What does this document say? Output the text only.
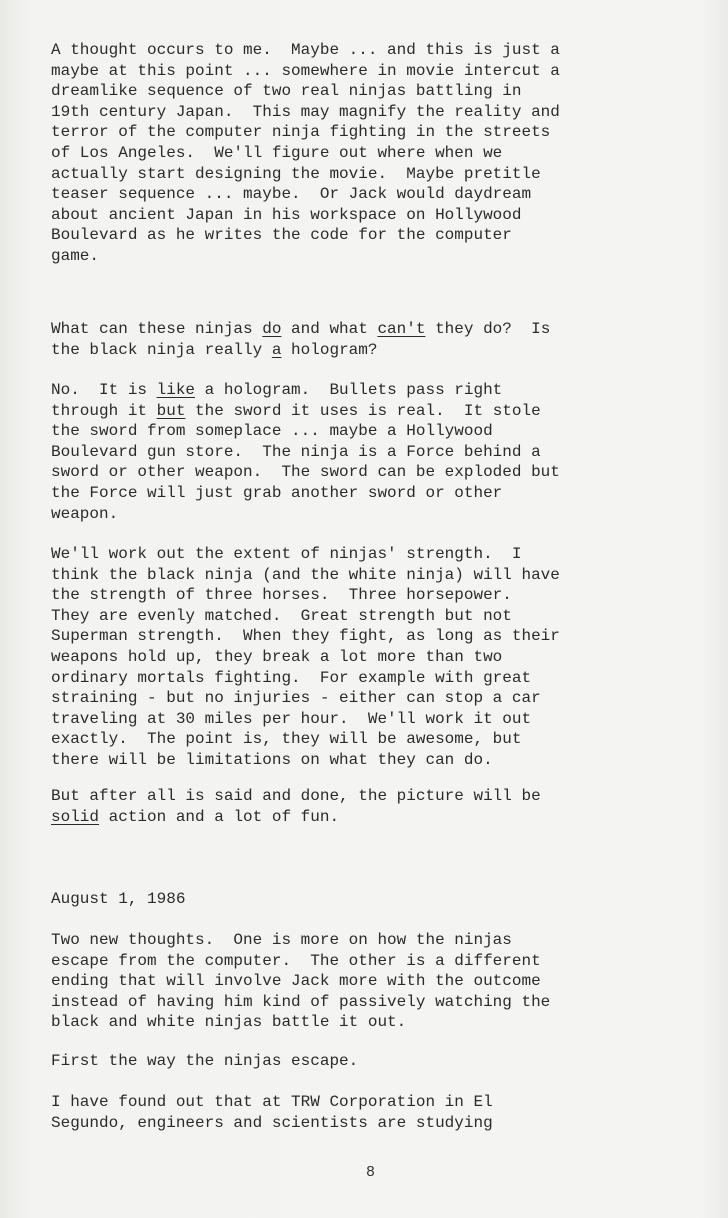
A thought occurs to me.  Maybe ... and this is just a
maybe at this point ... somewhere in movie intercut a
dreamlike sequence of two real ninjas battling in
19th century Japan.  This may magnify the reality and
terror of the computer ninja fighting in the streets
of Los Angeles.  We'll figure out where when we
actually start designing the movie.  Maybe pretitle
teaser sequence ... maybe.  Or Jack would daydream
about ancient Japan in his workspace on Hollywood
Boulevard as he writes the code for the computer
game.
What can these ninjas do and what can't they do?  Is
the black ninja really a hologram?
No.  It is like a hologram.  Bullets pass right
through it but the sword it uses is real.  It stole
the sword from someplace ... maybe a Hollywood
Boulevard gun store.  The ninja is a Force behind a
sword or other weapon.  The sword can be exploded but
the Force will just grab another sword or other
weapon.
We'll work out the extent of ninjas' strength.  I
think the black ninja (and the white ninja) will have
the strength of three horses.  Three horsepower.
They are evenly matched.  Great strength but not
Superman strength.  When they fight, as long as their
weapons hold up, they break a lot more than two
ordinary mortals fighting.  For example with great
straining - but no injuries - either can stop a car
traveling at 30 miles per hour.  We'll work it out
exactly.  The point is, they will be awesome, but
there will be limitations on what they can do.
But after all is said and done, the picture will be
solid action and a lot of fun.
August 1, 1986
Two new thoughts.  One is more on how the ninjas
escape from the computer.  The other is a different
ending that will involve Jack more with the outcome
instead of having him kind of passively watching the
black and white ninjas battle it out.
First the way the ninjas escape.
I have found out that at TRW Corporation in El
Segundo, engineers and scientists are studying
8
